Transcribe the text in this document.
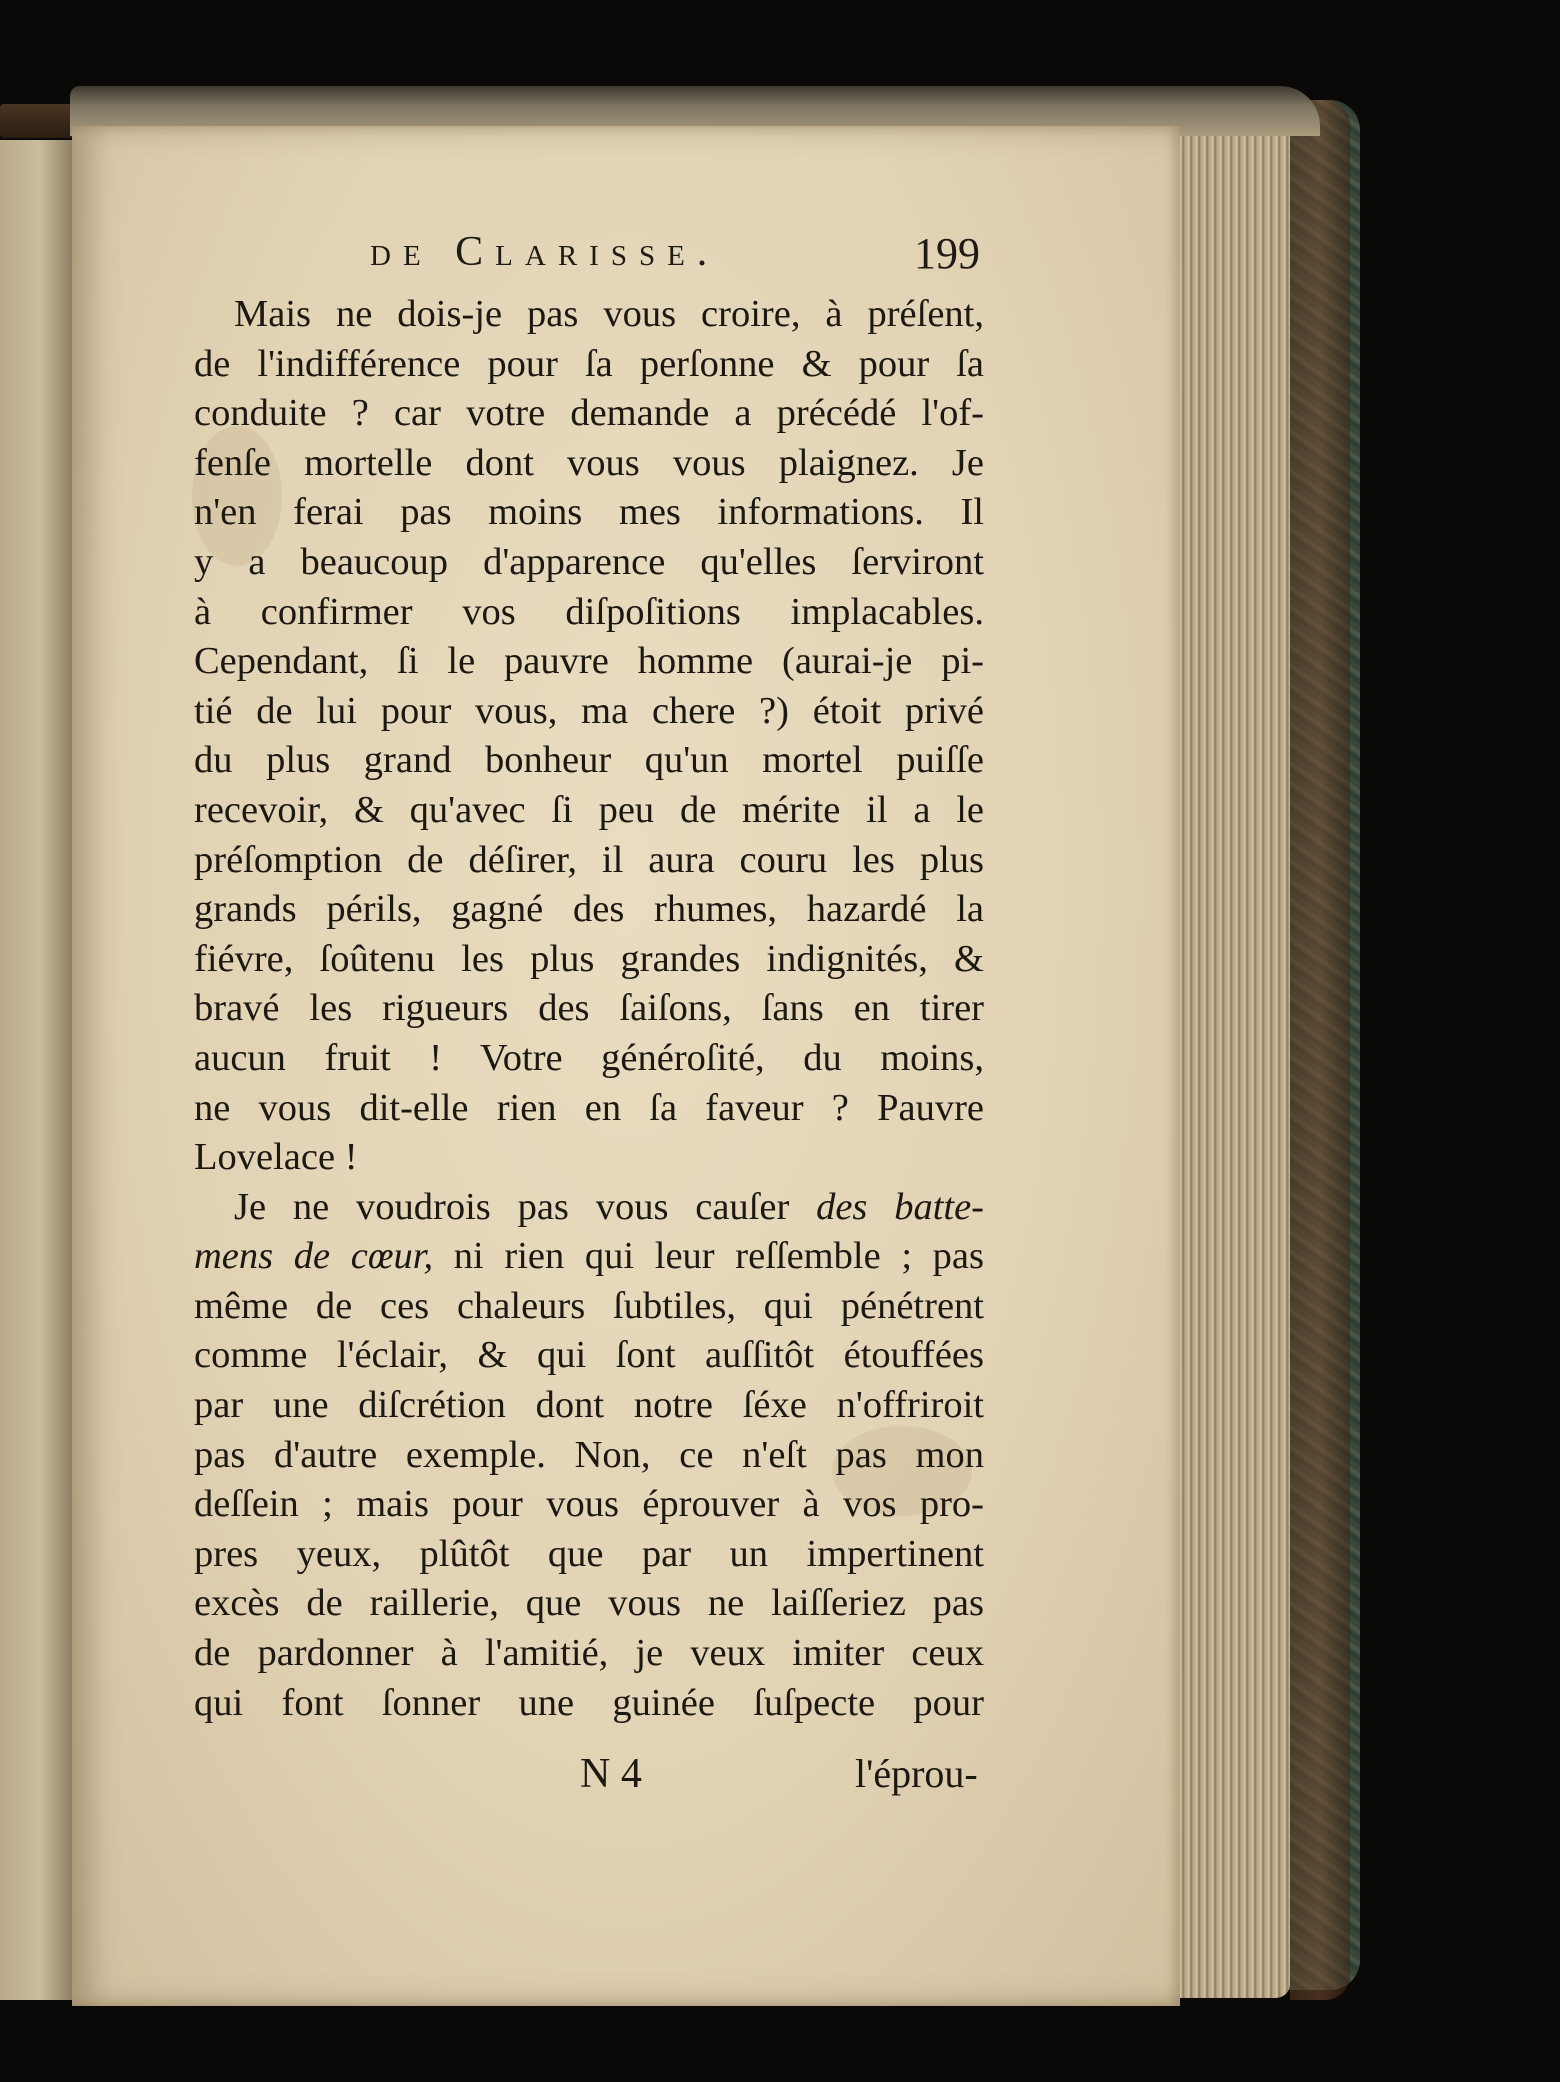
de Clarisse.	199
Mais ne dois-je pas vous croire, à préſent,
de l'indifférence pour ſa perſonne & pour ſa
conduite ? car votre demande a précédé l'of-
fenſe mortelle dont vous vous plaignez. Je
n'en ferai pas moins mes informations. Il
y a beaucoup d'apparence qu'elles ſerviront
à confirmer vos diſpoſitions implacables.
Cependant, ſi le pauvre homme (aurai-je pi-
tié de lui pour vous, ma chere ?) étoit privé
du plus grand bonheur qu'un mortel puiſſe
recevoir, & qu'avec ſi peu de mérite il a le
préſomption de déſirer, il aura couru les plus
grands périls, gagné des rhumes, hazardé la
fiévre, ſoûtenu les plus grandes indignités, &
bravé les rigueurs des ſaiſons, ſans en tirer
aucun fruit ! Votre généroſité, du moins,
ne vous dit-elle rien en ſa faveur ? Pauvre
Lovelace !
Je ne voudrois pas vous cauſer des batte-
mens de cœur, ni rien qui leur reſſemble ; pas
même de ces chaleurs ſubtiles, qui pénétrent
comme l'éclair, & qui ſont auſſitôt étouffées
par une diſcrétion dont notre ſéxe n'offriroit
pas d'autre exemple. Non, ce n'eſt pas mon
deſſein ; mais pour vous éprouver à vos pro-
pres yeux, plûtôt que par un impertinent
excès de raillerie, que vous ne laiſſeriez pas
de pardonner à l'amitié, je veux imiter ceux
qui font ſonner une guinée ſuſpecte pour
N 4	l'éprou-
